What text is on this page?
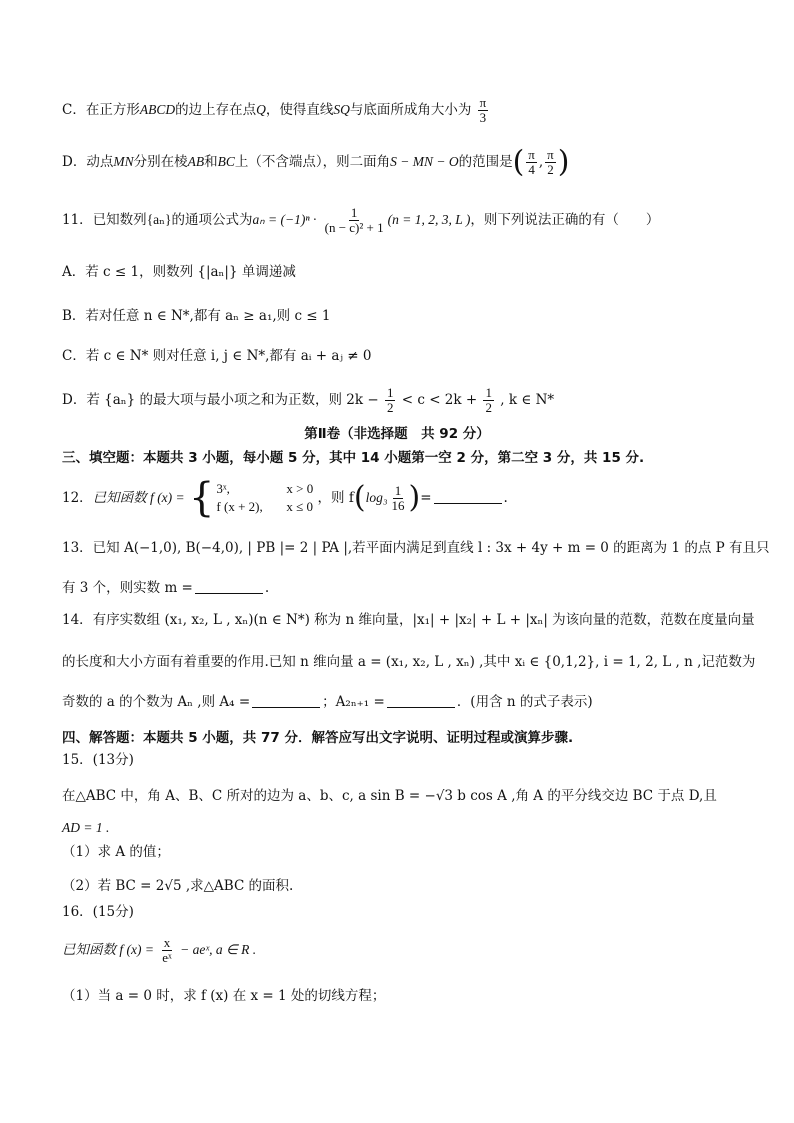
C．在正方形ABCD的边上存在点Q，使得直线SQ与底面所成角大小为 $\frac{\pi}{3}$
D．动点MN分别在棱AB和BC上（不含端点），则二面角S − MN − O的范围是( $\frac{\pi}{4}$ , $\frac{\pi}{2}$ )
11．已知数列{aₙ}的通项公式为$a_n = (-1)^n \cdot \frac{1}{\text{(n − c)² + 1}} (n = 1$, 2, 3, L )，则下列说法正确的有（　　）
A．若 c ≤ 1，则数列 {|aₙ|} 单调递减
B．若对任意 n ∈ N*,都有 aₙ ≥ a₁,则 c ≤ 1
C．若 c ∈ N* 则对任意 i, j ∈ N*,都有 aᵢ + aⱼ ≠ 0
D．若 {aₙ} 的最大项与最小项之和为正数，则 $2k - \frac{1}{2} < c < 2k + \frac{1}{2}$ , k ∈ N*
第Ⅱ卷（非选择题　共 92 分）
三、填空题：本题共 3 小题，每小题 5 分，其中 14 小题第一空 2 分，第二空 3 分，共 15 分.
12．已知函数 f (x) = { 3ˣ,	x > 0
f (x + 2),	x ≤ 0
，则 $f(\log_3 \frac{1}{16}$ )=	.
13．已知 A(−1,0), B(−4,0), | PB |= 2 | PA |,若平面内满足到直线 l : 3x + 4y + m = 0 的距离为 1 的点 P 有且只
有 3 个，则实数 m =	.
14．有序实数组 (x₁, x₂, L , xₙ)(n ∈ N*) 称为 n 维向量，|x₁| + |x₂| + L + |xₙ| 为该向量的范数，范数在度量向量
的长度和大小方面有着重要的作用.已知 n 维向量 a = (x₁, x₂, L , xₙ) ,其中 xᵢ ∈ {0,1,2}, i = 1, 2, L , n ,记范数为
奇数的 a 的个数为 Aₙ ,则 A₄ =	；A₂ₙ₊₁ =	．(用含 n 的式子表示)
四、解答题：本题共 5 小题，共 77 分．解答应写出文字说明、证明过程或演算步骤.
15．(13分)
在△ABC 中，角 A、B、C 所对的边为 a、b、c, a sin B = −√3 b cos A ,角 A 的平分线交边 BC 于点 D,且
AD = 1 .
（1）求 A 的值；
（2）若 BC = 2√5 ,求△ABC 的面积.
16．(15分)
已知函数 f $(x) = \frac{x}{\text{eˣ}}$ − aeˣ, a ∈ R .
（1）当 a = 0 时，求 f (x) 在 x = 1 处的切线方程；
